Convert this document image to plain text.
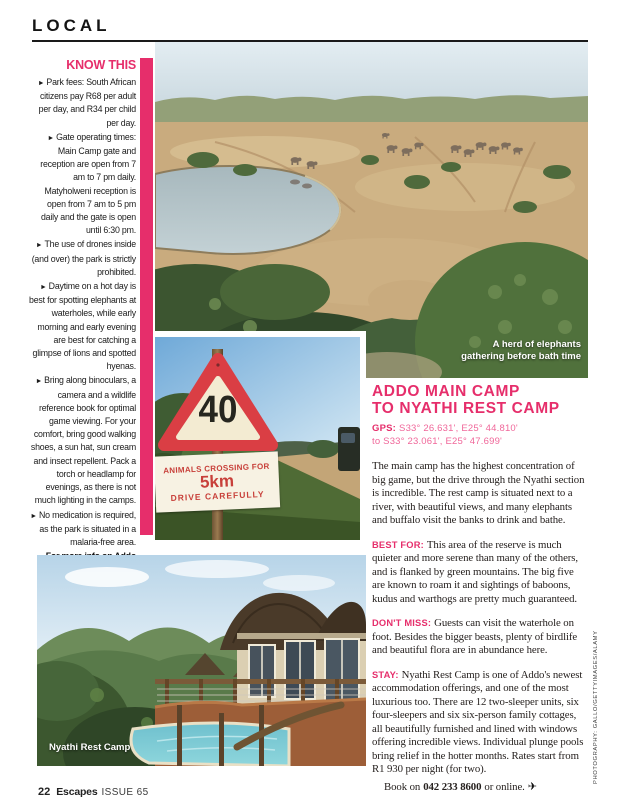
LOCAL
KNOW THIS
► Park fees: South African citizens pay R68 per adult per day, and R34 per child per day.
► Gate operating times: Main Camp gate and reception are open from 7 am to 7 pm daily. Matyholweni reception is open from 7 am to 5 pm daily and the gate is open until 6:30 pm.
► The use of drones inside (and over) the park is strictly prohibited.
► Daytime on a hot day is best for spotting elephants at waterholes, while early morning and early evening are best for catching a glimpse of lions and spotted hyenas.
► Bring along binoculars, a camera and a wildlife reference book for optimal game viewing. For your comfort, bring good walking shoes, a sun hat, sun cream and insect repellent. Pack a torch or headlamp for evenings, as there is not much lighting in the camps.
► No medication is required, as the park is situated in a malaria-free area.
A herd of elephants
gathering before bath time
40
ANIMALS CROSSING FOR
5km
DRIVE CAREFULLY
Nyathi Rest Camp
ADDO MAIN CAMP
TO NYATHI REST CAMP
GPS: S33° 26.631', E25° 44.810'
to S33° 23.061', E25° 47.699'

The main camp has the highest concentration of big game, but the drive through the Nyathi section is incredible. The rest camp is situated next to a river, with beautiful views, and many elephants and buffalo visit the banks to drink and bathe.

BEST FOR: This area of the reserve is much quieter and more serene than many of the others, and is flanked by green mountains. The big five are known to roam it and sightings of baboons, kudus and warthogs are pretty much guaranteed.

DON'T MISS: Guests can visit the waterhole on foot. Besides the bigger beasts, plenty of birdlife and beautiful flora are in abundance here.

STAY: Nyathi Rest Camp is one of Addo's newest accommodation offerings, and one of the most luxurious too. There are 12 two-sleeper units, six four-sleepers and six six-person family cottages, all beautifully furnished and lined with windows offering incredible views. Individual plunge pools bring relief in the hotter months. Rates start from R1 930 per night (for two).

Book on 042 233 8600 or online. ✈

22 Escapes ISSUE 65
PHOTOGRAPHY: GALLO/GETTYIMAGES/ALAMY
